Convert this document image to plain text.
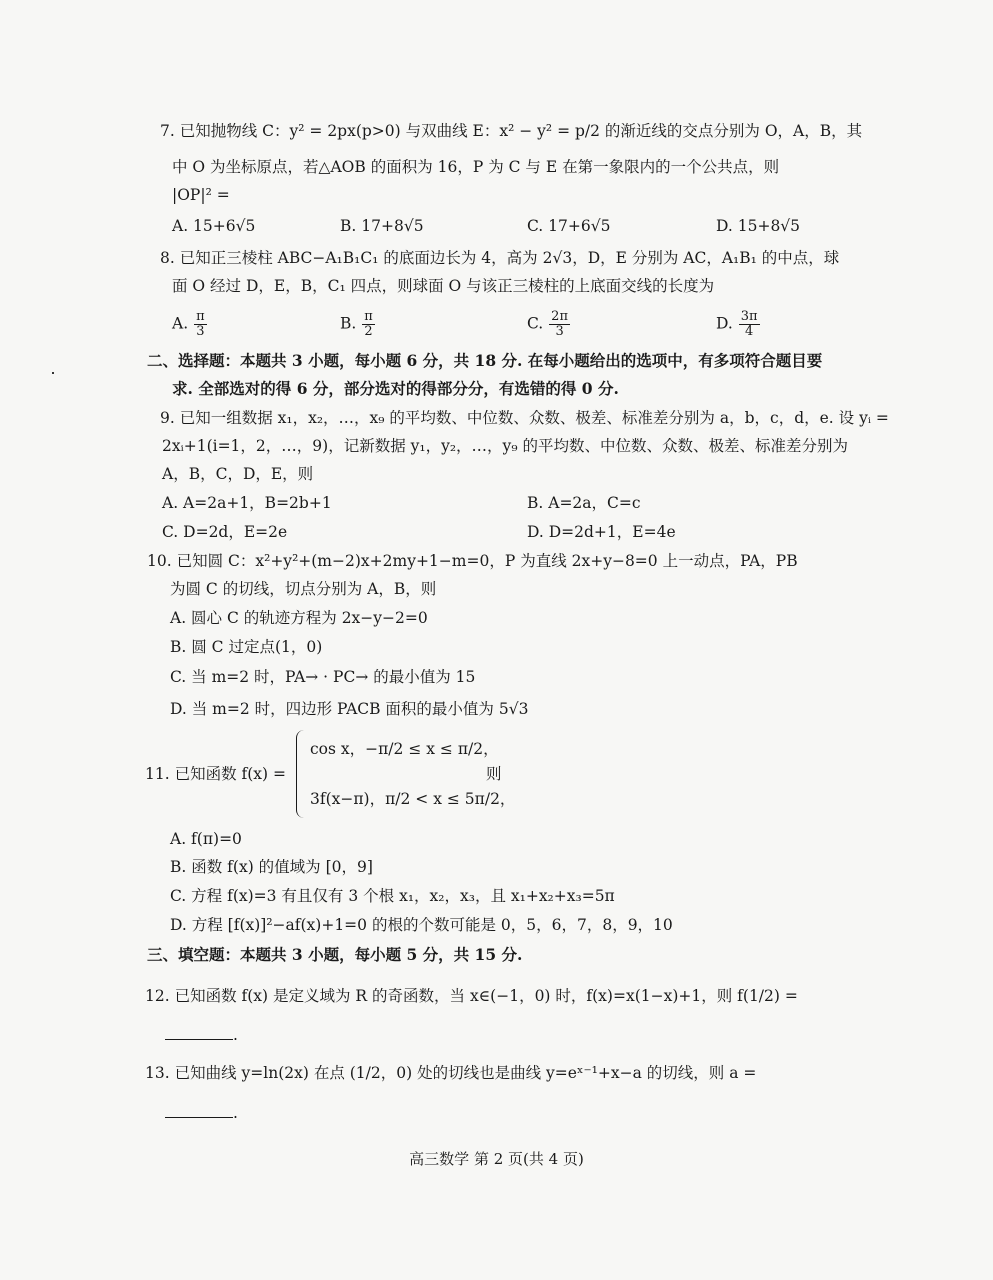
7. 已知抛物线 C：y² = 2px(p>0) 与双曲线 E：x² − y² = p/2 的渐近线的交点分别为 O，A，B，其
中 O 为坐标原点，若△AOB 的面积为 16，P 为 C 与 E 在第一象限内的一个公共点，则
|OP|² =
A. 15+6√5	B. 17+8√5	C. 17+6√5	D. 15+8√5
8. 已知正三棱柱 ABC−A₁B₁C₁ 的底面边长为 4，高为 2√3，D，E 分别为 AC，A₁B₁ 的中点，球
面 O 经过 D，E，B，C₁ 四点，则球面 O 与该正三棱柱的上底面交线的长度为
A. $\frac{\pi}{3}$	B. $\frac{\pi}{2}$	C. $\frac{2\pi}{3}$	D. $\frac{3\pi}{4}$
二、选择题：本题共 3 小题，每小题 6 分，共 18 分. 在每小题给出的选项中，有多项符合题目要
求. 全部选对的得 6 分，部分选对的得部分分，有选错的得 0 分.
9. 已知一组数据 x₁，x₂，…，x₉ 的平均数、中位数、众数、极差、标准差分别为 a，b，c，d，e. 设 yᵢ =
2xᵢ+1(i=1，2，…，9)，记新数据 y₁，y₂，…，y₉ 的平均数、中位数、众数、极差、标准差分别为
A，B，C，D，E，则
A. A=2a+1，B=2b+1	B. A=2a，C=c
C. D=2d，E=2e	D. D=2d+1，E=4e
10. 已知圆 C：x²+y²+(m−2)x+2my+1−m=0，P 为直线 2x+y−8=0 上一动点，PA，PB
为圆 C 的切线，切点分别为 A，B，则
A. 圆心 C 的轨迹方程为 2x−y−2=0
B. 圆 C 过定点(1，0)
C. 当 m=2 时，PA→ · PC→ 的最小值为 15
D. 当 m=2 时，四边形 PACB 面积的最小值为 5√3
11. 已知函数 f(x) =
cos x，−π/2 ≤ x ≤ π/2，
3f(x−π)，π/2 < x ≤ 5π/2，
则
A. f(π)=0
B. 函数 f(x) 的值域为 [0，9]
C. 方程 f(x)=3 有且仅有 3 个根 x₁，x₂，x₃，且 x₁+x₂+x₃=5π
D. 方程 [f(x)]²−af(x)+1=0 的根的个数可能是 0，5，6，7，8，9，10
三、填空题：本题共 3 小题，每小题 5 分，共 15 分.
12. 已知函数 f(x) 是定义域为 R 的奇函数，当 x∈(−1，0) 时，f(x)=x(1−x)+1，则 f(1/2) =
.
13. 已知曲线 y=ln(2x) 在点 (1/2，0) 处的切线也是曲线 y=eˣ⁻¹+x−a 的切线，则 a =
.
高三数学 第 2 页(共 4 页)
